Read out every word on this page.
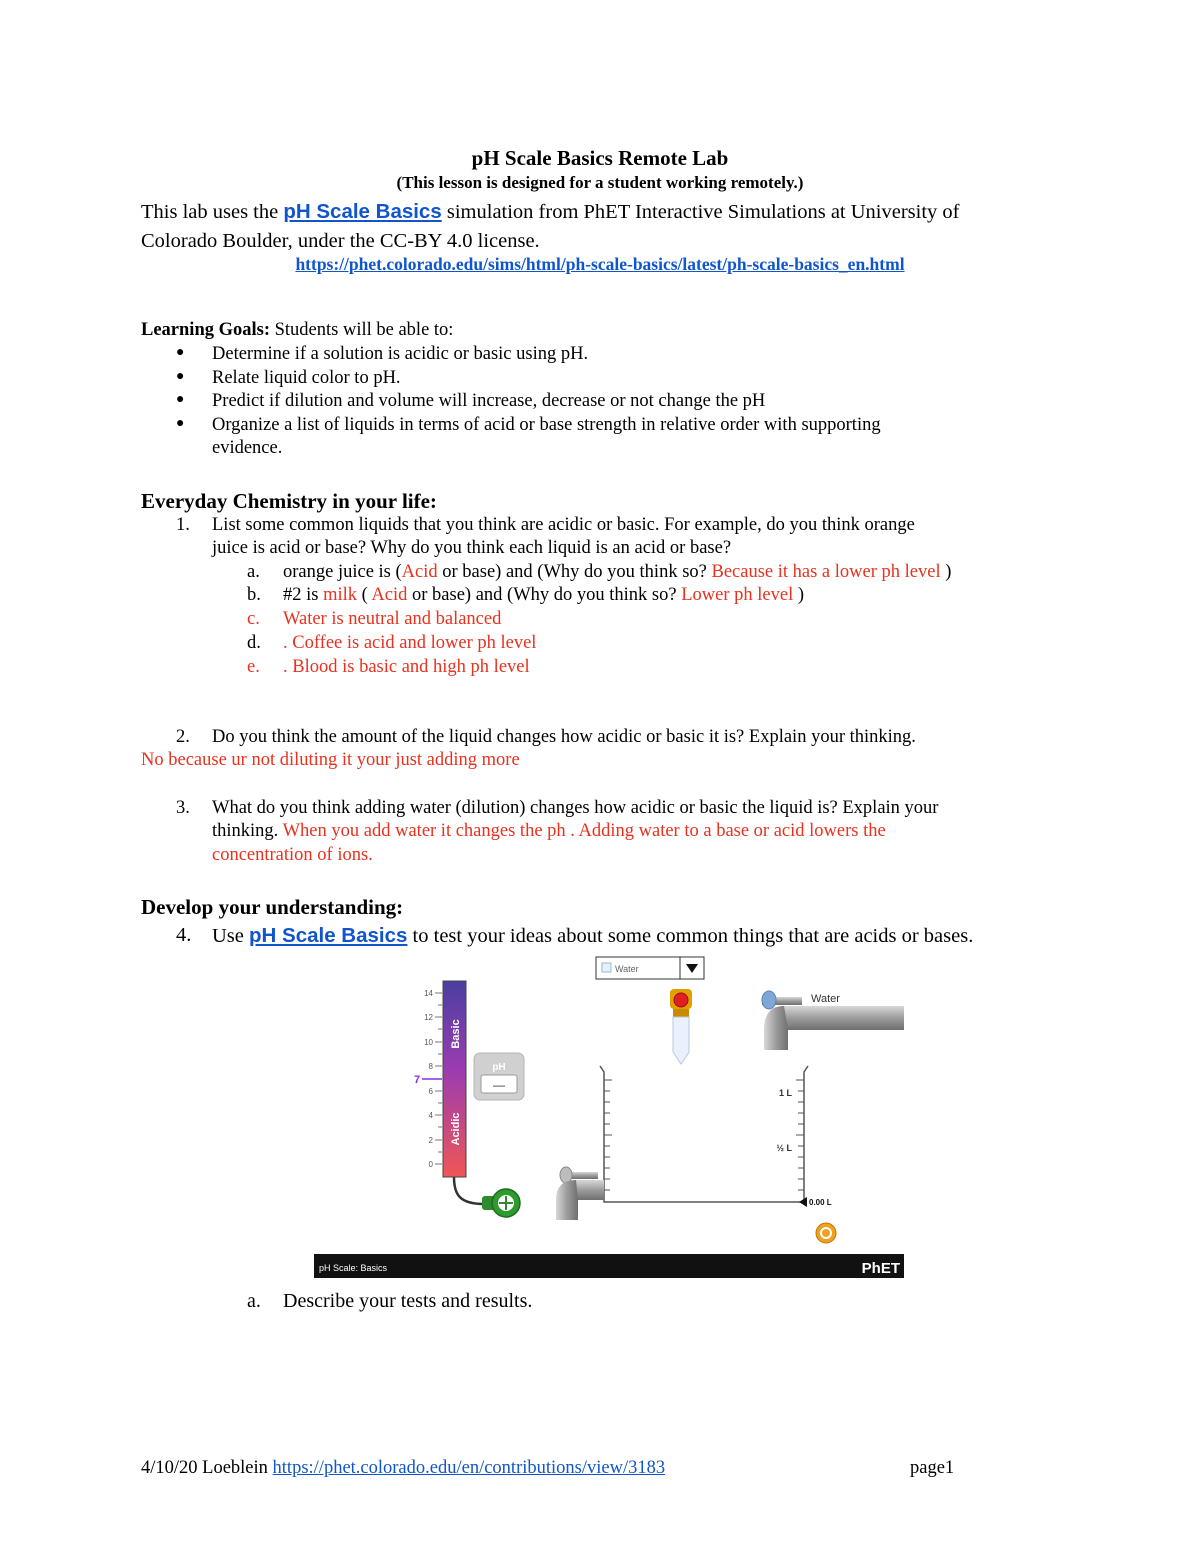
pH Scale Basics Remote Lab
(This lesson is designed for a student working remotely.)
This lab uses the pH Scale Basics simulation from PhET Interactive Simulations at University of
Colorado Boulder, under the CC-BY 4.0 license.
https://phet.colorado.edu/sims/html/ph-scale-basics/latest/ph-scale-basics_en.html
Learning Goals: Students will be able to:
● Determine if a solution is acidic or basic using pH.
● Relate liquid color to pH.
● Predict if dilution and volume will increase, decrease or not change the pH
● Organize a list of liquids in terms of acid or base strength in relative order with supporting
evidence.
Everyday Chemistry in your life:
1. List some common liquids that you think are acidic or basic. For example, do you think orange
juice is acid or base? Why do you think each liquid is an acid or base?
a. orange juice is (Acid or base) and (Why do you think so? Because it has a lower ph level )
b. #2 is milk ( Acid or base) and (Why do you think so? Lower ph level )
c. Water is neutral and balanced
d. . Coffee is acid and lower ph level
e. . Blood is basic and high ph level
2. Do you think the amount of the liquid changes how acidic or basic it is? Explain your thinking.
No because ur not diluting it your just adding more
3. What do you think adding water (dilution) changes how acidic or basic the liquid is? Explain your
thinking. When you add water it changes the ph . Adding water to a base or acid lowers the
concentration of ions.
Develop your understanding:
4. Use pH Scale Basics to test your ideas about some common things that are acids or bases.
14
12
10
8
6
4
2
0
7
Basic
Acidic
pH
—
Water
Water
1 L
½ L
0.00 L
pH Scale: Basics	PhET
a. Describe your tests and results.
4/10/20 Loeblein https://phet.colorado.edu/en/contributions/view/3183	page1
